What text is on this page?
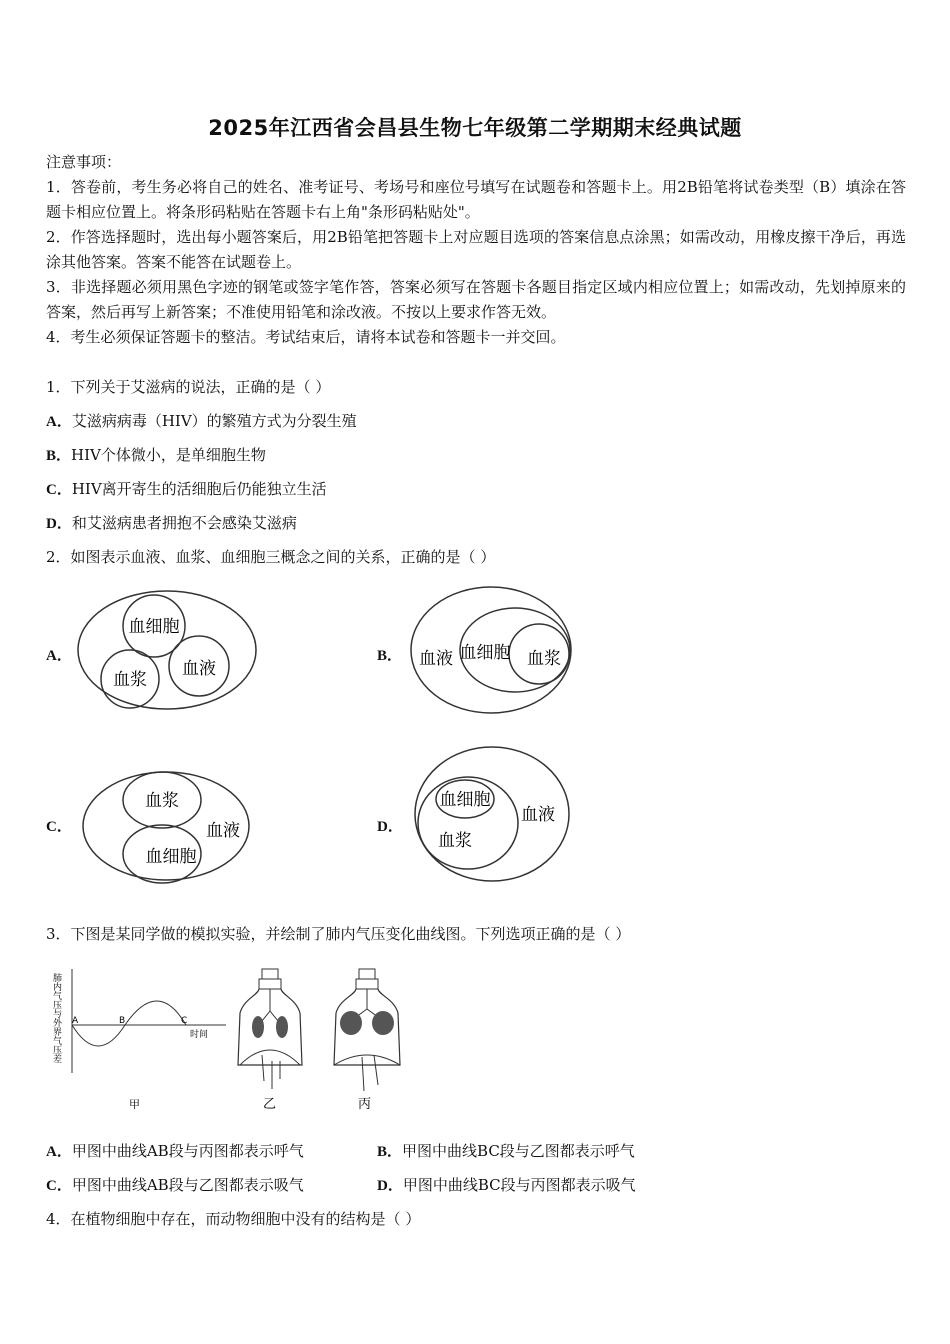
2025年江西省会昌县生物七年级第二学期期末经典试题

注意事项：

1．答卷前，考生务必将自己的姓名、准考证号、考场号和座位号填写在试题卷和答题卡上。用2B铅笔将试卷类型（B）填涂在答题卡相应位置上。将条形码粘贴在答题卡右上角"条形码粘贴处"。

2．作答选择题时，选出每小题答案后，用2B铅笔把答题卡上对应题目选项的答案信息点涂黑；如需改动，用橡皮擦干净后，再选涂其他答案。答案不能答在试题卷上。

3．非选择题必须用黑色字迹的钢笔或签字笔作答，答案必须写在答题卡各题目指定区域内相应位置上；如需改动，先划掉原来的答案，然后再写上新答案；不准使用铅笔和涂改液。不按以上要求作答无效。

4．考生必须保证答题卡的整洁。考试结束后，请将本试卷和答题卡一并交回。

1．下列关于艾滋病的说法，正确的是（ ）
A．艾滋病病毒（HIV）的繁殖方式为分裂生殖
B．HIV个体微小，是单细胞生物
C．HIV离开寄生的活细胞后仍能独立生活
D．和艾滋病患者拥抱不会感染艾滋病
2．如图表示血液、血浆、血细胞三概念之间的关系，正确的是（ ）
A．
血细胞
血浆
血液
B． 血液 血细胞 血浆
C．
血浆
血液
血细胞
D．
血细胞
血浆
血液
3．下图是某同学做的模拟实验，并绘制了肺内气压变化曲线图。下列选项正确的是（ ）
肺内气压与外界气压差 A	B	C
时间
甲	乙	丙
A．甲图中曲线AB段与丙图都表示呼气	B．甲图中曲线BC段与乙图都表示呼气
C．甲图中曲线AB段与乙图都表示吸气	D．甲图中曲线BC段与丙图都表示吸气
4．在植物细胞中存在，而动物细胞中没有的结构是（ ）
